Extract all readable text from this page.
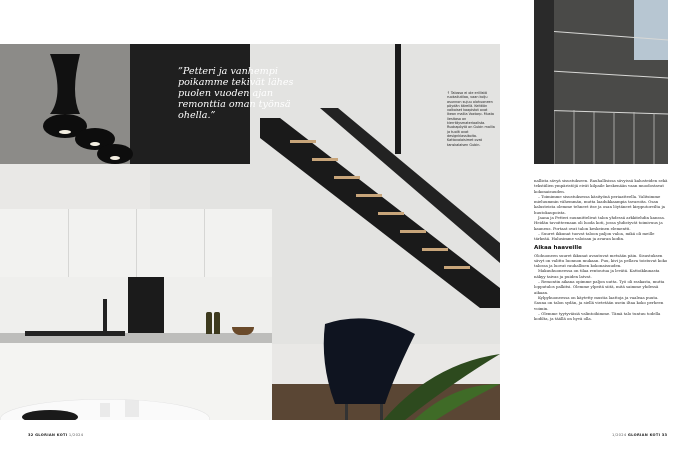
”Petteri ja vanhempi poikamme tekivät lähes puolen vuoden ajan remonttia oman työnsä ohella.”
↑ Talossa ei ole erillistä ruokailutilaa, vaan kolju asunnon sujuu olohuoneen pöydän äärellä. Keittiön valkoiset kaapistot ovat Ikean mallia Voxtorp. Musta liesitaso on kierrätysmateriaalista. Ruokapöytä on Gubin mallia ja tuolit ovat designklassikoita. Kattovalaisimet ovat tanskalaisen Gubin.

nallista sävyä sisustukseen. Rauhallisissa sävyissä kalusteiden sekä tekstiilien ympäristöjä eivät kilpaile keskenään vaan muodostavat kokonaisuuden.

– Toimimme sisustuksessa käsityönä periaatteella. Valitsimme mieluummin vähemmän, mutta laadukkaampia tavaroita. Osan kalusteista olemme tehneet itse ja osan löytäneet kirpputoreilta ja huutokaupoista.

Jaana ja Petteri suunnittelivat talon yhdessä arkkitehdin kanssa. Heidän tavoitteenaan oli luoda koti, jossa yhdistyvät toimivuus ja kauneus. Portaat ovat talon keskeinen elementti.

– Suuret ikkunat tuovat taloon paljon valoa, mikä oli meille tärkeää. Halusimme valoisan ja avaran kodin.

Aikaa haaveille

Olohuoneen suuret ikkunat avautuvat metsään päin. Sisustuksen sävyt on valittu luonnon mukaan. Puu, kivi ja pellava toistuvat koko talossa ja luovat rauhallisen kokonaisuuden.

Makuuhuoneessa on tilaa rentoutua ja levätä. Kattoikkunasta näkyy taivas ja puiden latvat.

– Remontin aikana opimme paljon uutta. Työ oli raskasta, mutta lopputulos palkitsi. Olemme ylpeitä siitä, mitä saimme yhdessä aikaan.

Kylpyhuoneessa on käytetty mustia laattoja ja vaaleaa puuta. Sauna on talon sydän, ja siellä vietetään usein iltaa koko perheen voimin.

– Olemme tyytyväisiä valintoihimme. Tämä talo tuntuu todella kodilta, ja täällä on hyvä olla.

32 GLORIAN KOTI 1/2024	1/2024 GLORIAN KOTI 33
